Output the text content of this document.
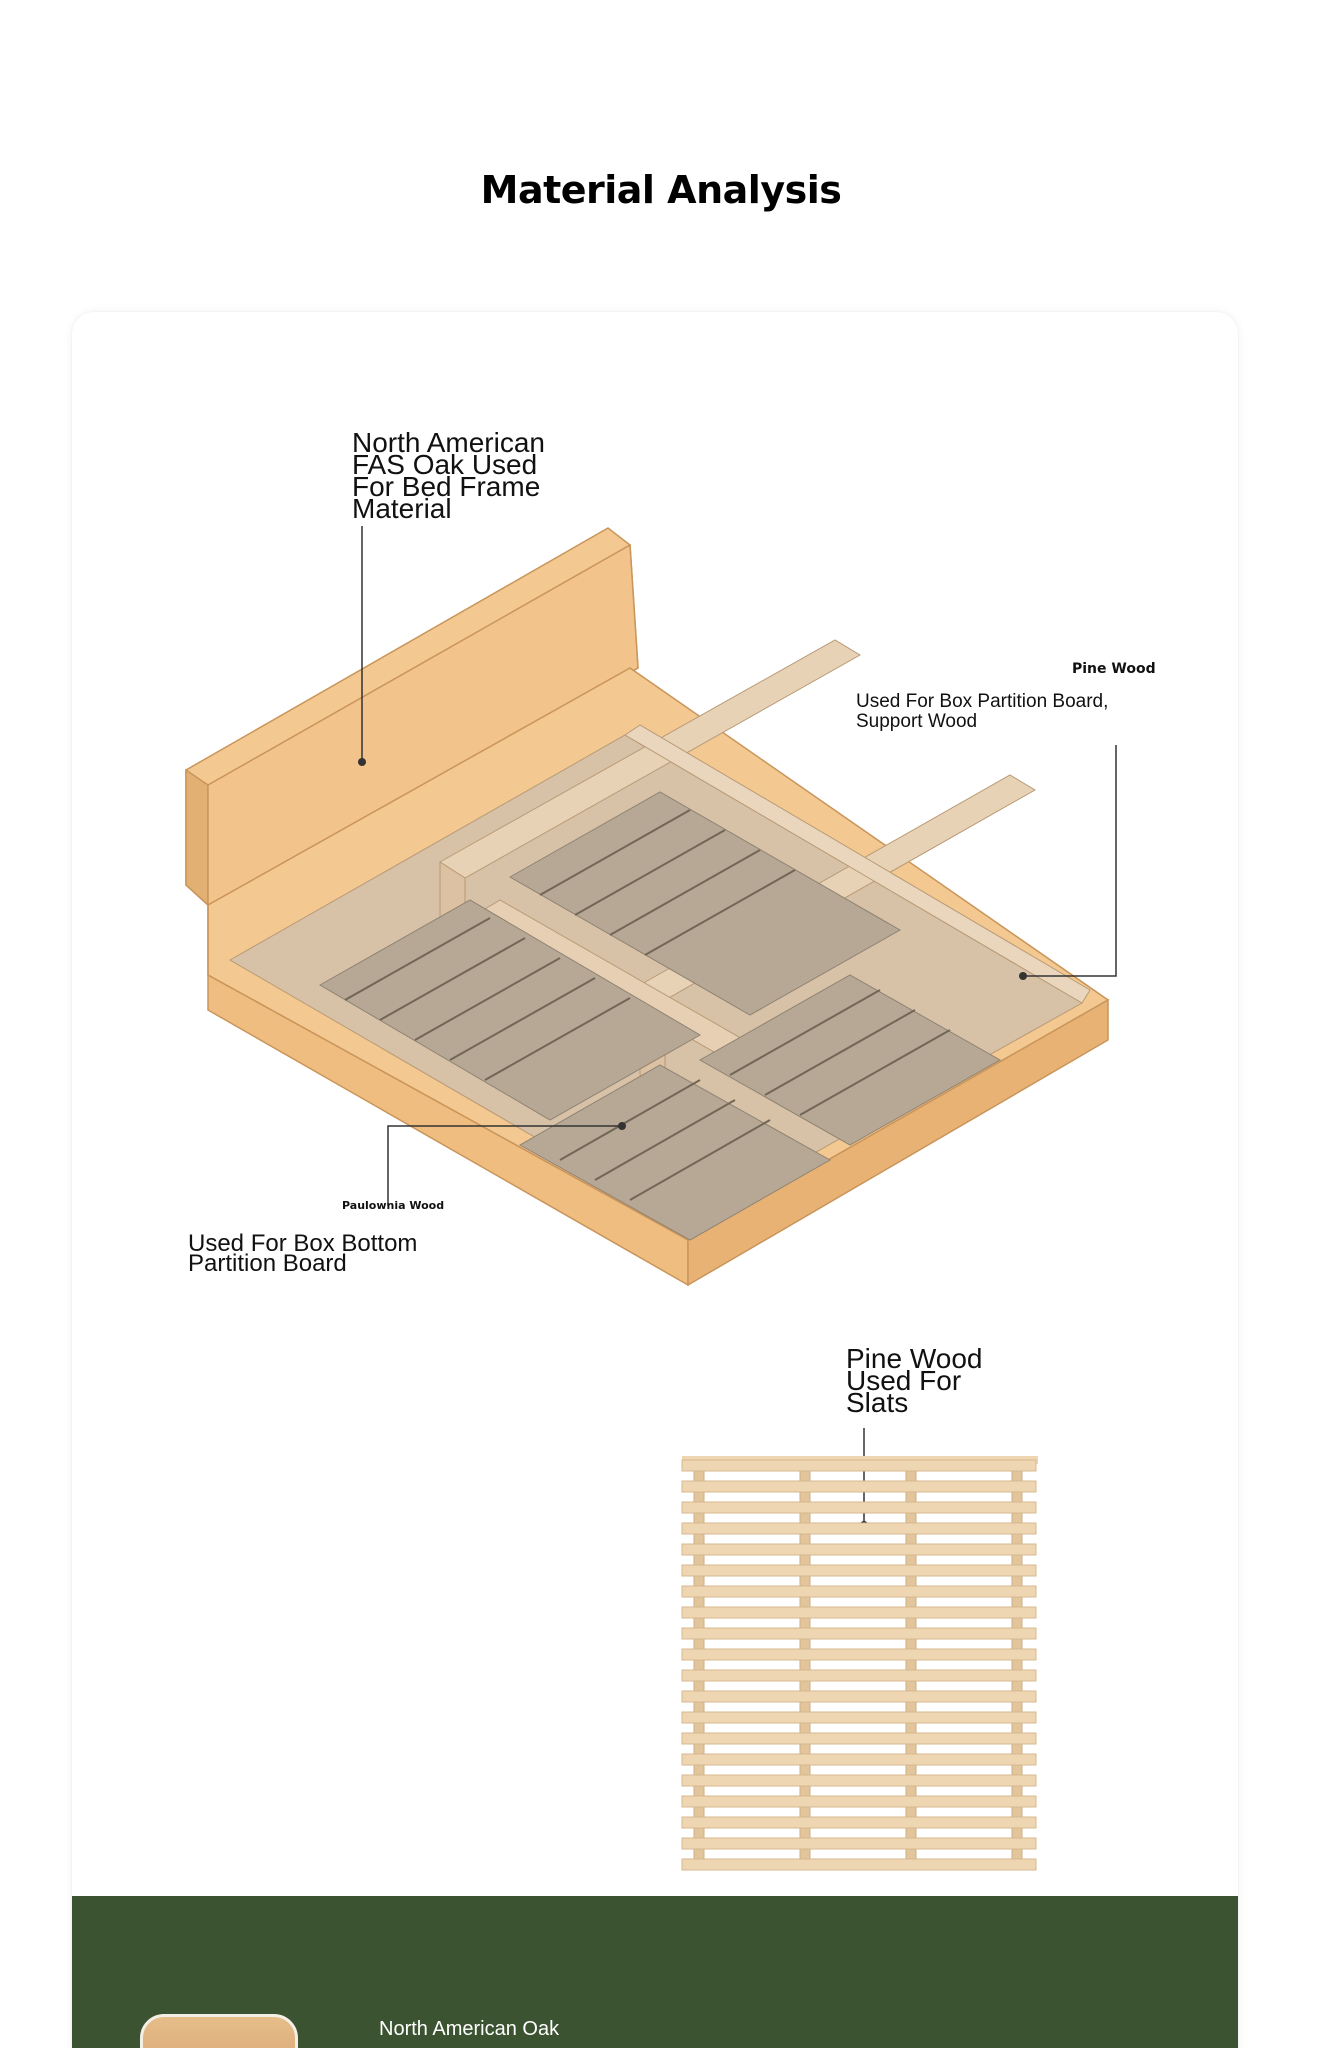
Material Analysis
North American FAS Oak Used For Bed Frame Material
Pine Wood
Used For Box Partition Board, Support Wood
Paulownia Wood
Used For Box Bottom Partition Board
Pine Wood Used For Slats
North American Oak
